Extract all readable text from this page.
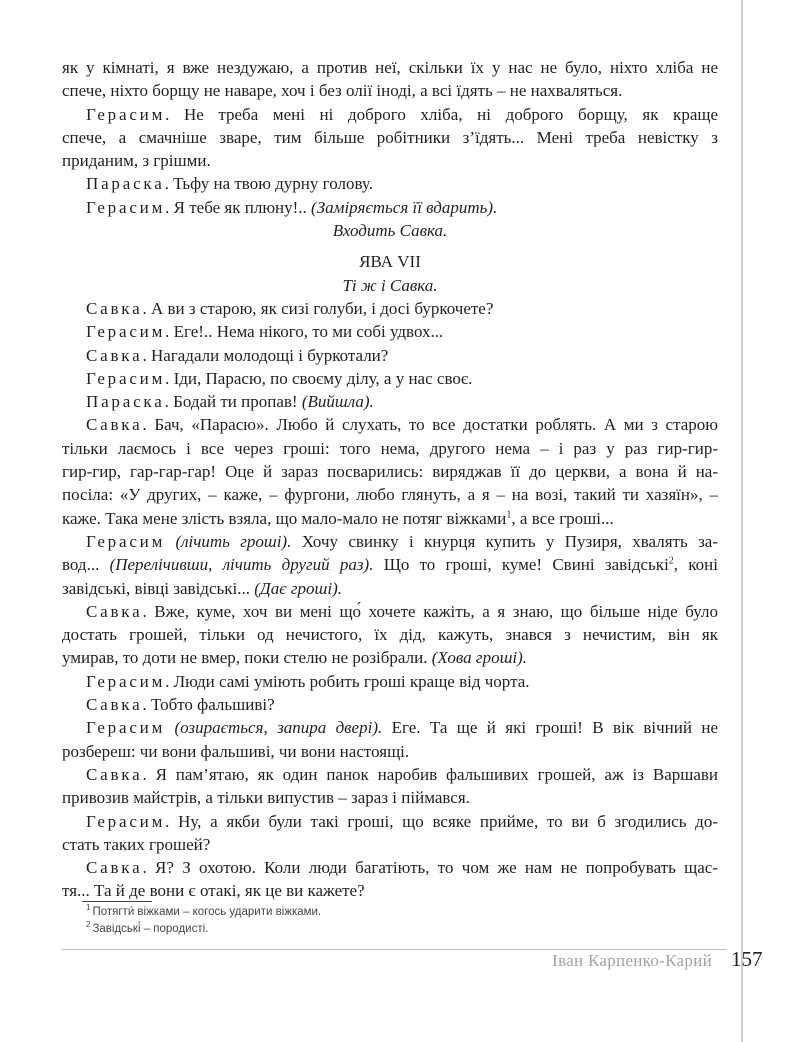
як у кімнаті, я вже нездужаю, а против неї, скільки їх у нас не було, ніхто хліба не
спече, ніхто борщу не наваре, хоч і без олії іноді, а всі їдять – не нахваляться.
Герасим. Не треба мені ні доброго хліба, ні доброго борщу, як краще
спече, а смачніше зваре, тим більше робітники з’їдять... Мені треба невістку з
приданим, з грішми.
Параска. Тьфу на твою дурну голову.
Герасим. Я тебе як плюну!.. (Заміряється її вдарить).
Входить Савка.
ЯВА VII
Ті ж і Савка.
Савка. А ви з старою, як сизі голуби, і досі буркочете?
Герасим. Еге!.. Нема нікого, то ми собі удвох...
Савка. Нагадали молодощі і буркотали?
Герасим. Іди, Парасю, по своєму ділу, а у нас своє.
Параска. Бодай ти пропав! (Вийшла).
Савка. Бач, «Парасю». Любо й слухать, то все достатки роблять. А ми з старою
тільки лаємось і все через гроші: того нема, другого нема – і раз у раз гир-гир-
гир-гир, гар-гар-гар! Оце й зараз посварились: виряджав її до церкви, а вона й на-
посіла: «У других, – каже, – фургони, любо глянуть, а я – на возі, такий ти хазяїн», –
каже. Така мене злість взяла, що мало-мало не потяг віжками$^1$, а все гроші...
Герасим (лічить гроші). Хочу свинку і кнурця купить у Пузиря, хвалять за-
вод... (Перелічивши, лічить другий раз). Що то гроші, куме! Свині завідські$^2$, коні
завідські, вівці завідські... (Дає гроші).
Савка. Вже, куме, хоч ви мені що́ хочете кажіть, а я знаю, що більше ніде було
достать грошей, тільки од нечистого, їх дід, кажуть, знався з нечистим, він як
умирав, то доти не вмер, поки стелю не розібрали. (Хова гроші).
Герасим. Люди самі уміють робить гроші краще від чорта.
Савка. Тобто фальшиві?
Герасим (озирається, запира двері). Еге. Та ще й які гроші! В вік вічний не
розбереш: чи вони фальшиві, чи вони настоящі.
Савка. Я пам’ятаю, як один панок наробив фальшивих грошей, аж із Варшави
привозив майстрів, а тільки випустив – зараз і піймався.
Герасим. Ну, а якби були такі гроші, що всяке прийме, то ви б згодились до-
стать таких грошей?
Савка. Я? З охотою. Коли люди багатіють, то чом же нам не попробувать щас-
тя... Та й де вони є отакі, як це ви кажете?
$^1$ Потягти́ віжками – когось ударити віжками.
$^2$ Завідські́ – породисті.
Іван Карпенко-Карий 157
